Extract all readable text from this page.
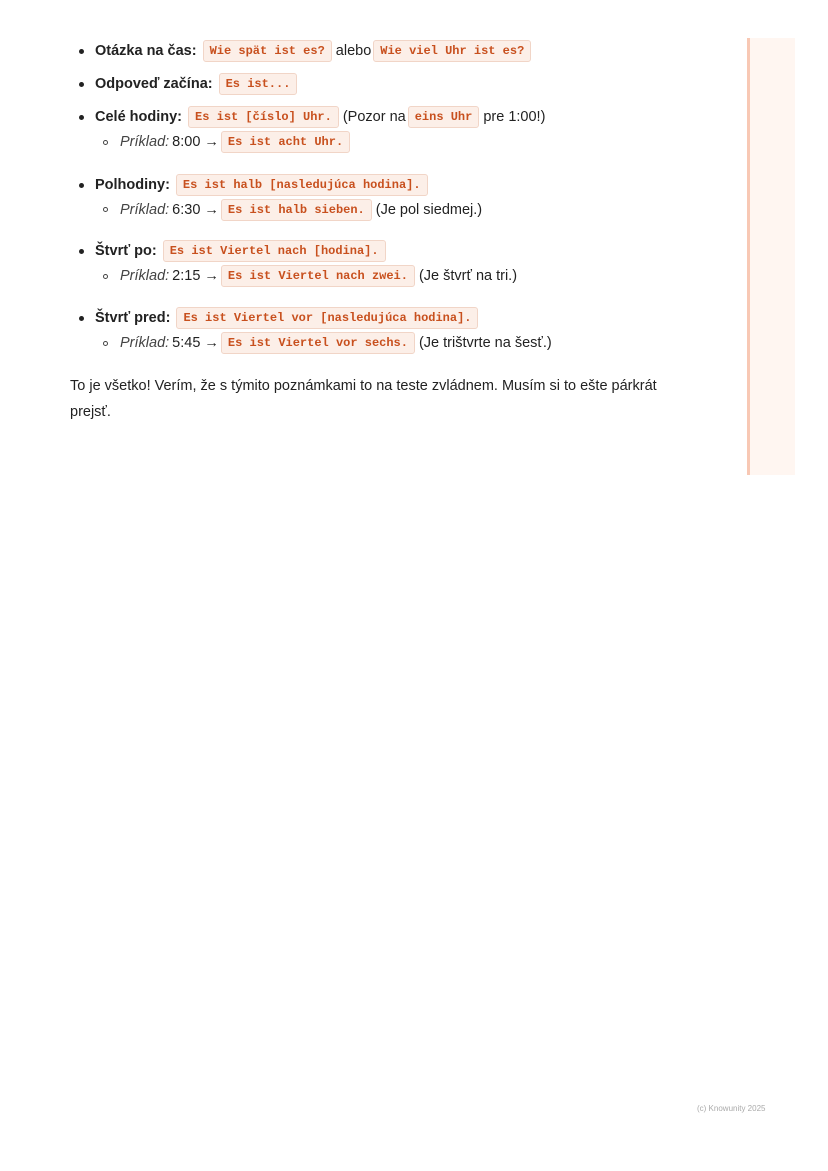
Otázka na čas:	Wie spät ist es? alebo Wie viel Uhr ist es?
Odpoveď začína:	Es ist...
Celé hodiny:	Es ist [číslo] Uhr. (Pozor na eins Uhr pre 1:00!)
Príklad: 8:00 → Es ist acht Uhr.
Polhodiny:	Es ist halb [nasledujúca hodina].
Príklad: 6:30 → Es ist halb sieben. (Je pol siedmej.)
Štvrť po:	Es ist Viertel nach [hodina].
Príklad: 2:15 → Es ist Viertel nach zwei. (Je štvrť na tri.)
Štvrť pred:	Es ist Viertel vor [nasledujúca hodina].
Príklad: 5:45 → Es ist Viertel vor sechs. (Je trištvrte na šesť.)
To je všetko! Verím, že s týmito poznámkami to na teste zvládnem. Musím si to ešte párkrát prejsť.
(c) Knowunity 2025
